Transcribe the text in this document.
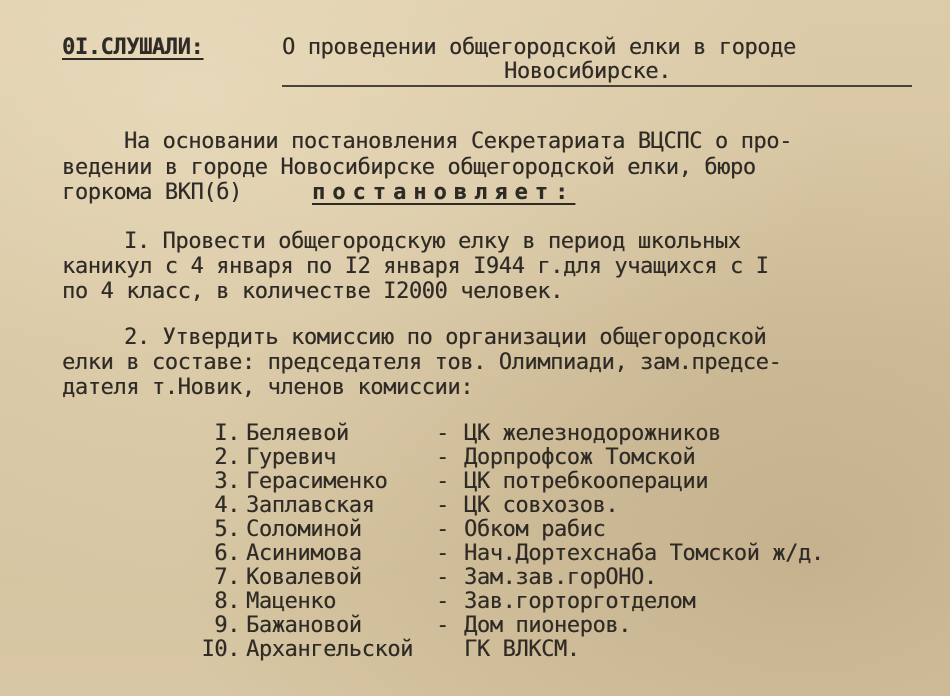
0I.СЛУШАЛИ:	О проведении общегородской елки в городе
Новосибирске.
На основании постановления Секретариата ВЦСПС о про-
ведении в городе Новосибирске общегородской елки, бюро
горкома ВКП(б)	постановляет:
I. Провести общегородскую елку в период школьных
каникул с 4 января по I2 января I944 г.для учащихся с I
по 4 класс, в количестве I2000 человек.
2. Утвердить комиссию по организации общегородской
елки в составе: председателя тов. Олимпиади, зам.предсе-
дателя т.Новик, членов комиссии:
I. Беляевой	- ЦК железнодорожников
2. Гуревич	- Дорпрофсож Томской
3. Герасименко - ЦК потребкооперации
4. Заплавская	- ЦК совхозов.
5. Соломиной	- Обком рабис
6. Асинимова	- Нач.Дортехснаба Томской ж/д.
7. Ковалевой	- Зам.зав.горОНО.
8. Маценко	- Зав.горторготделом
9. Бажановой	- Дом пионеров.
I0. Архангельской ГК ВЛКСМ.
